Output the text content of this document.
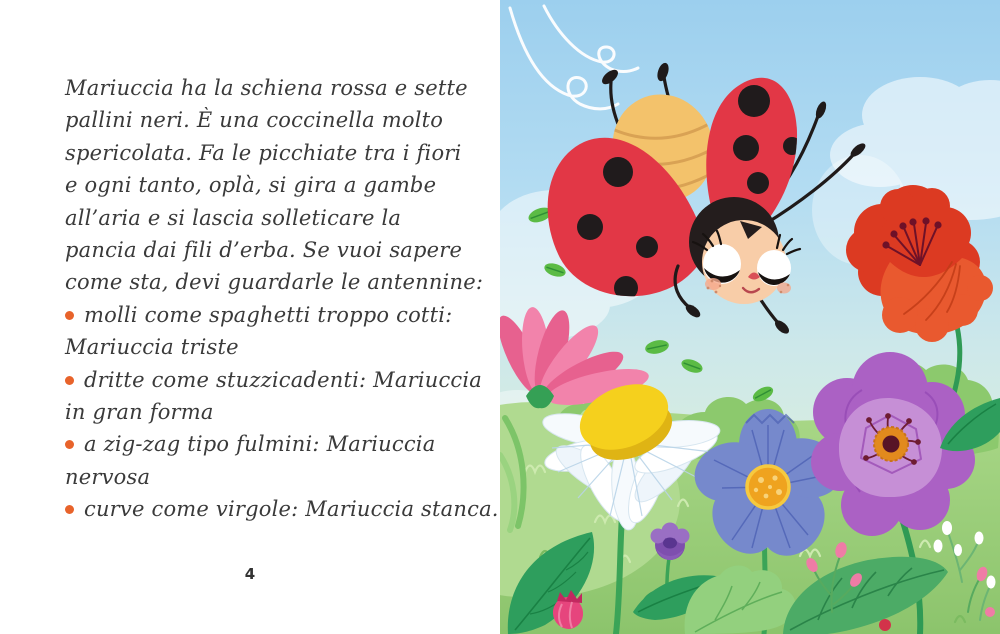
Mariuccia ha la schiena rossa e sette

pallini neri. È una coccinella molto

spericolata. Fa le picchiate tra i fiori

e ogni tanto, oplà, si gira a gambe

all’aria e si lascia solleticare la

pancia dai fili d’erba. Se vuoi sapere

come sta, devi guardarle le antennine:

molli come spaghetti troppo cotti:

Mariuccia triste

dritte come stuzzicadenti: Mariuccia

in gran forma

a zig-zag tipo fulmini: Mariuccia

nervosa

curve come virgole: Mariuccia stanca.

4
